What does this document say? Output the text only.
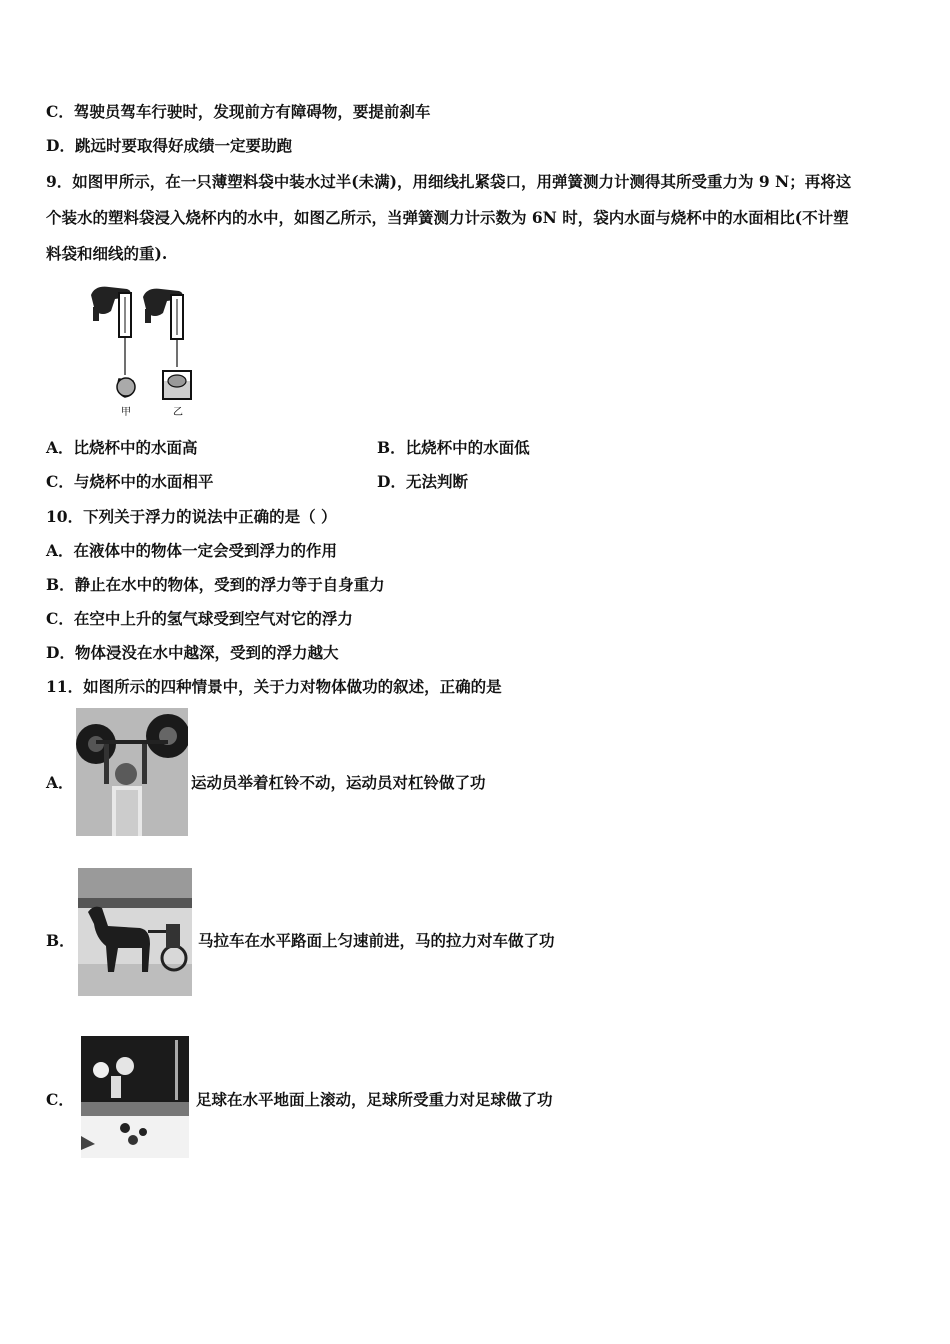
C．驾驶员驾车行驶时，发现前方有障碍物，要提前刹车
D．跳远时要取得好成绩一定要助跑
9．如图甲所示，在一只薄塑料袋中装水过半(未满)，用细线扎紧袋口，用弹簧测力计测得其所受重力为 9 N；再将这
个装水的塑料袋浸入烧杯内的水中，如图乙所示，当弹簧测力计示数为 6N 时，袋内水面与烧杯中的水面相比(不计塑
料袋和细线的重).
甲	乙
A．比烧杯中的水面高	B．比烧杯中的水面低
C．与烧杯中的水面相平	D．无法判断
10．下列关于浮力的说法中正确的是（ ）
A．在液体中的物体一定会受到浮力的作用
B．静止在水中的物体，受到的浮力等于自身重力
C．在空中上升的氢气球受到空气对它的浮力
D．物体浸没在水中越深，受到的浮力越大
11．如图所示的四种情景中，关于力对物体做功的叙述，正确的是
A．	运动员举着杠铃不动，运动员对杠铃做了功
B．	马拉车在水平路面上匀速前进，马的拉力对车做了功
C．	足球在水平地面上滚动，足球所受重力对足球做了功
